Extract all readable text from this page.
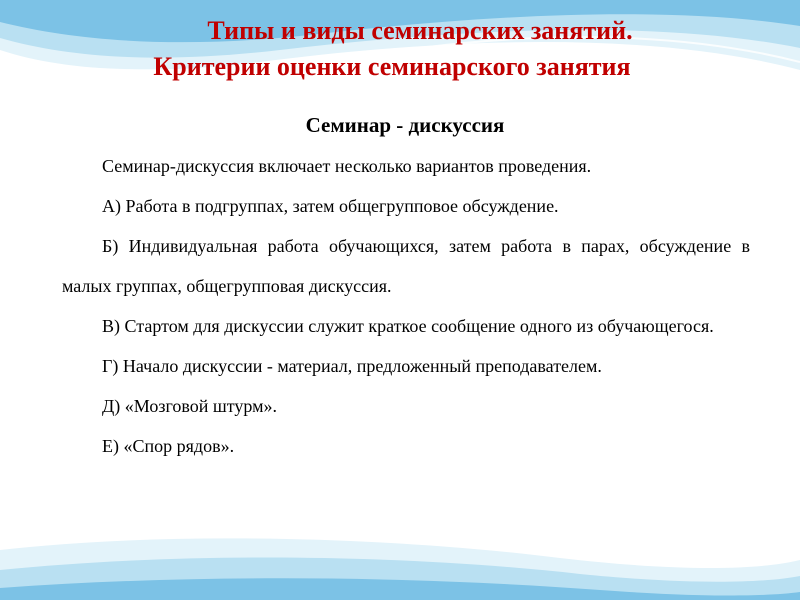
Типы и виды семинарских занятий.
Критерии оценки семинарского занятия
Семинар - дискуссия

Семинар-дискуссия включает несколько вариантов проведения.

А) Работа в подгруппах, затем общегрупповое обсуждение.

Б) Индивидуальная работа обучающихся, затем работа в парах, обсуждение в малых группах, общегрупповая дискуссия.

В) Стартом для дискуссии служит краткое сообщение одного из обучающегося.

Г) Начало дискуссии - материал, предложенный преподавателем.

Д) «Мозговой штурм».

Е) «Спор рядов».
